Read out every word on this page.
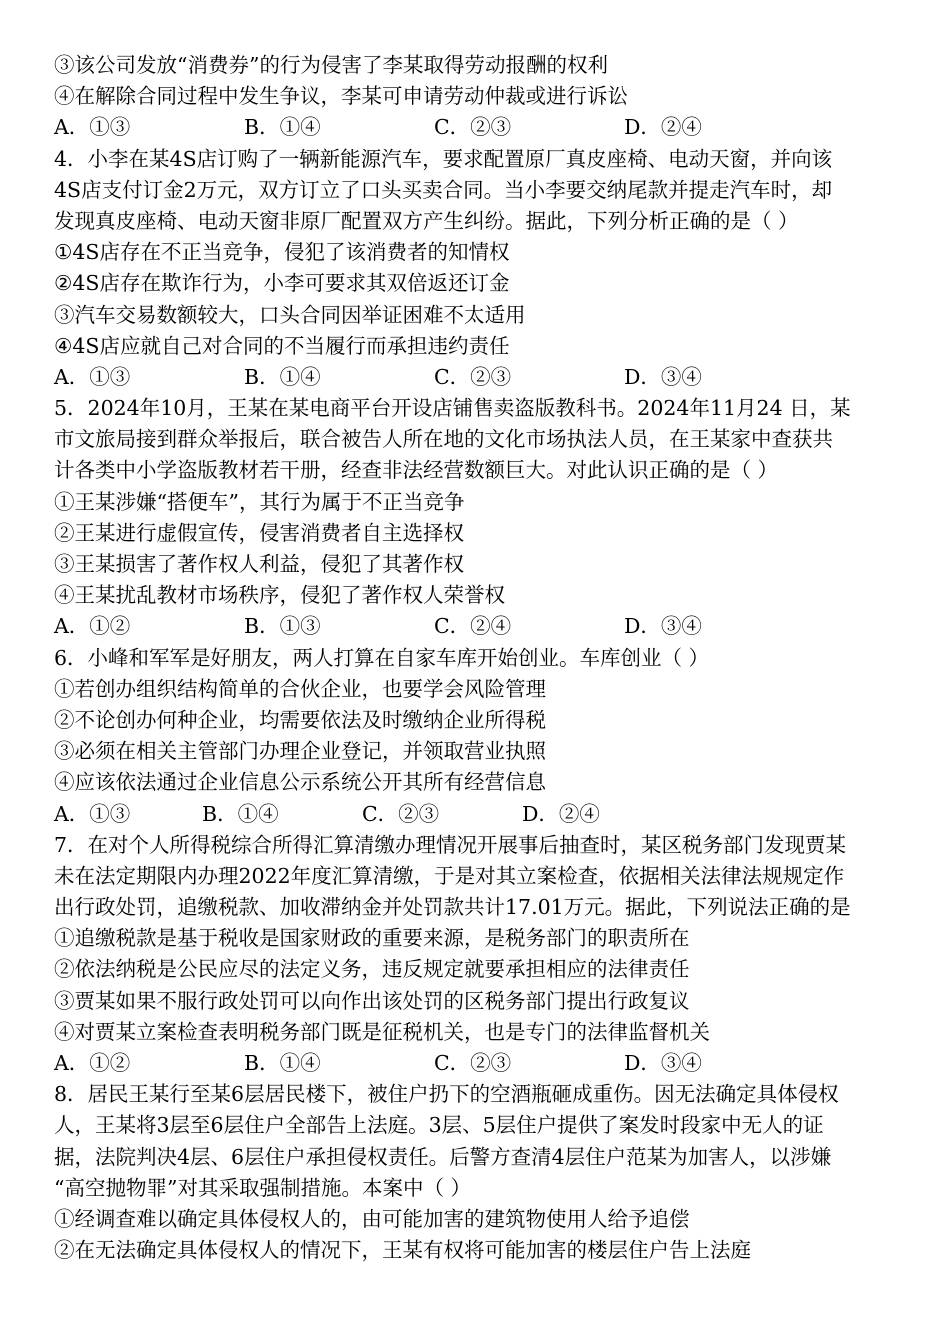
③该公司发放“消费券”的行为侵害了李某取得劳动报酬的权利
④在解除合同过程中发生争议，李某可申请劳动仲裁或进行诉讼
A．①③	B．①④	C．②③	D．②④
4．小李在某4S店订购了一辆新能源汽车，要求配置原厂真皮座椅、电动天窗，并向该
4S店支付订金2万元，双方订立了口头买卖合同。当小李要交纳尾款并提走汽车时，却
发现真皮座椅、电动天窗非原厂配置双方产生纠纷。据此，下列分析正确的是（ ）
①4S店存在不正当竞争，侵犯了该消费者的知情权
②4S店存在欺诈行为，小李可要求其双倍返还订金
③汽车交易数额较大，口头合同因举证困难不太适用
④4S店应就自己对合同的不当履行而承担违约责任
A．①③	B．①④	C．②③	D．③④
5．2024年10月，王某在某电商平台开设店铺售卖盗版教科书。2024年11月24 日，某
市文旅局接到群众举报后，联合被告人所在地的文化市场执法人员，在王某家中查获共
计各类中小学盗版教材若干册，经查非法经营数额巨大。对此认识正确的是（ ）
①王某涉嫌“搭便车”，其行为属于不正当竞争
②王某进行虚假宣传，侵害消费者自主选择权
③王某损害了著作权人利益，侵犯了其著作权
④王某扰乱教材市场秩序，侵犯了著作权人荣誉权
A．①②	B．①③	C．②④	D．③④
6．小峰和军军是好朋友，两人打算在自家车库开始创业。车库创业（ ）
①若创办组织结构简单的合伙企业，也要学会风险管理
②不论创办何种企业，均需要依法及时缴纳企业所得税
③必须在相关主管部门办理企业登记，并领取营业执照
④应该依法通过企业信息公示系统公开其所有经营信息
A．①③	B．①④	C．②③	D．②④
7．在对个人所得税综合所得汇算清缴办理情况开展事后抽查时，某区税务部门发现贾某
未在法定期限内办理2022年度汇算清缴，于是对其立案检查，依据相关法律法规规定作
出行政处罚，追缴税款、加收滞纳金并处罚款共计17.01万元。据此，下列说法正确的是
①追缴税款是基于税收是国家财政的重要来源，是税务部门的职责所在
②依法纳税是公民应尽的法定义务，违反规定就要承担相应的法律责任
③贾某如果不服行政处罚可以向作出该处罚的区税务部门提出行政复议
④对贾某立案检查表明税务部门既是征税机关，也是专门的法律监督机关
A．①②	B．①④	C．②③	D．③④
8．居民王某行至某6层居民楼下，被住户扔下的空酒瓶砸成重伤。因无法确定具体侵权
人，王某将3层至6层住户全部告上法庭。3层、5层住户提供了案发时段家中无人的证
据，法院判决4层、6层住户承担侵权责任。后警方查清4层住户范某为加害人，以涉嫌
“高空抛物罪”对其采取强制措施。本案中（ ）
①经调查难以确定具体侵权人的，由可能加害的建筑物使用人给予追偿
②在无法确定具体侵权人的情况下，王某有权将可能加害的楼层住户告上法庭
